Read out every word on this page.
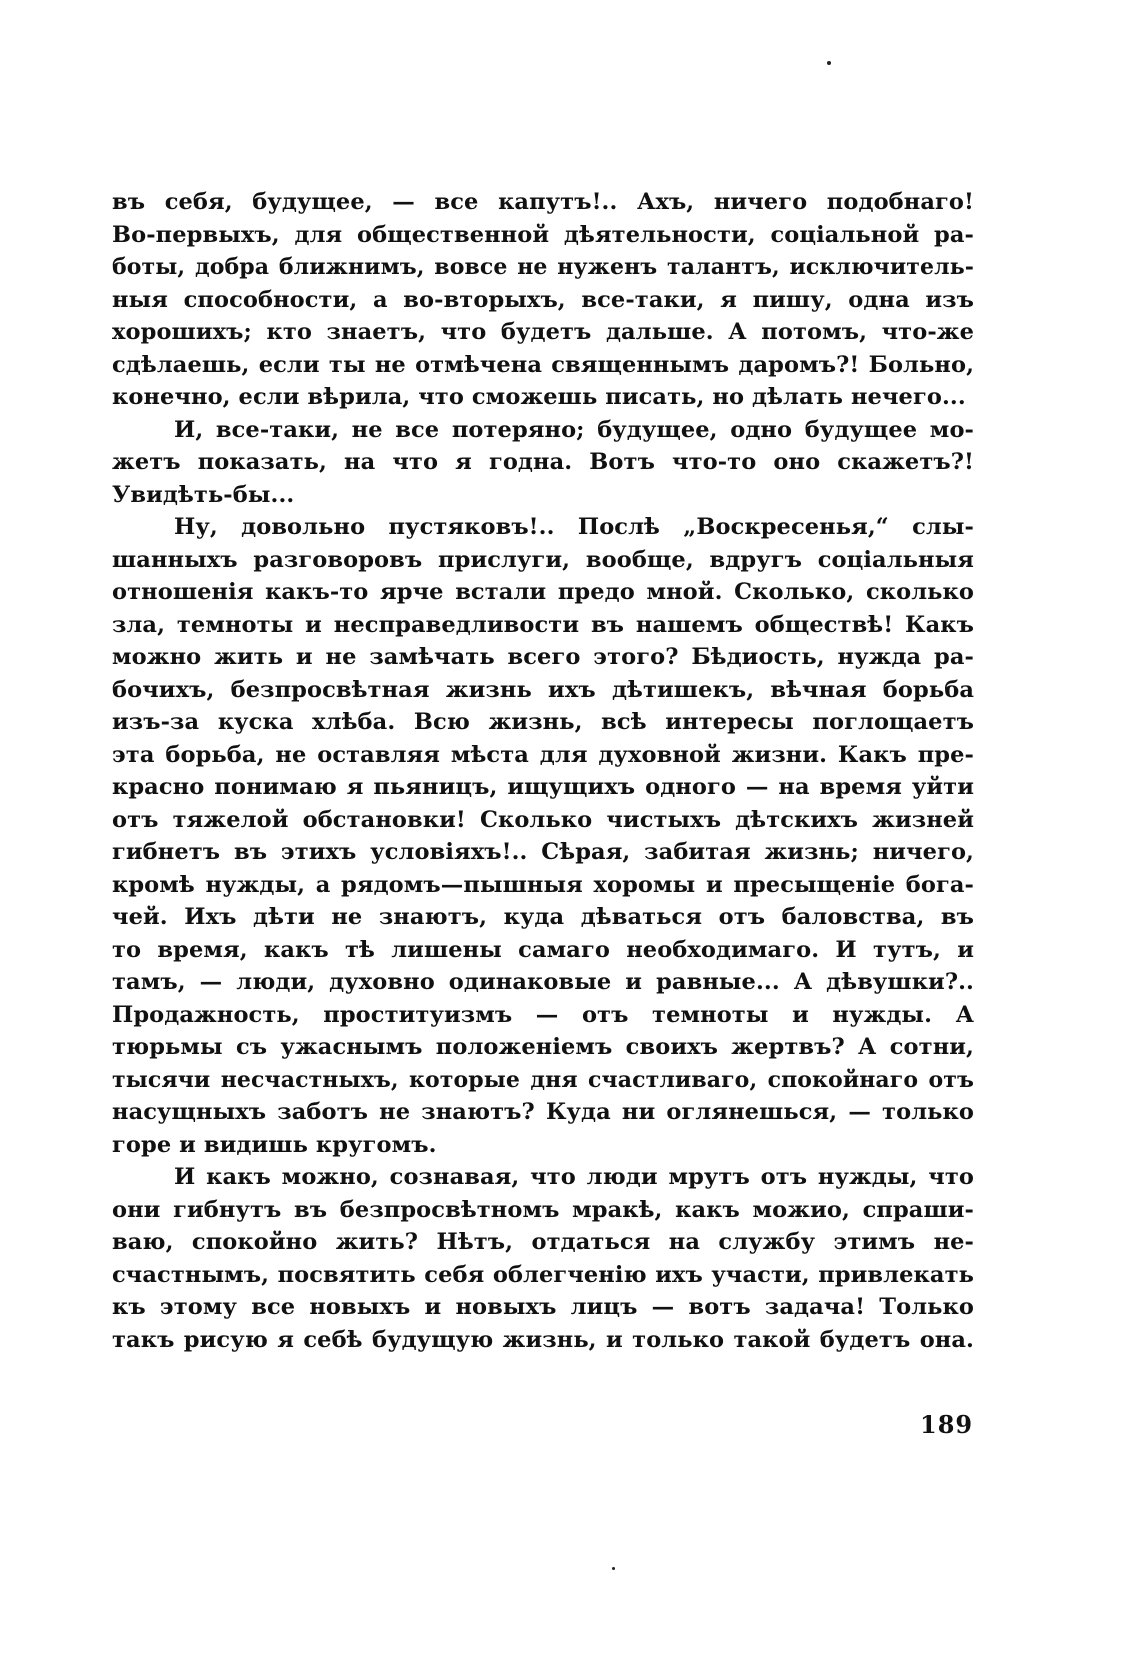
въ себя, будущее, — все капутъ!.. Ахъ, ничего подобнаго!
Во-первыхъ, для общественной дѣятельности, соціальной ра-
боты, добра ближнимъ, вовсе не нуженъ талантъ, исключитель-
ныя способности, а во-вторыхъ, все-таки, я пишу, одна изъ
хорошихъ; кто знаетъ, что будетъ дальше. А потомъ, что-же
сдѣлаешь, если ты не отмѣчена священнымъ даромъ?! Больно,
конечно, если вѣрила, что сможешь писать, но дѣлать нечего...
И, все-таки, не все потеряно; будущее, одно будущее мо-
жетъ показать, на что я годна. Вотъ что-то оно скажетъ?!
Увидѣть-бы...
Ну, довольно пустяковъ!.. Послѣ „Воскресенья,“ слы-
шанныхъ разговоровъ прислуги, вообще, вдругъ соціальныя
отношенія какъ-то ярче встали предо мной. Сколько, сколько
зла, темноты и несправедливости въ нашемъ обществѣ! Какъ
можно жить и не замѣчать всего этого? Бѣдиость, нужда ра-
бочихъ, безпросвѣтная жизнь ихъ дѣтишекъ, вѣчная борьба
изъ-за куска хлѣба. Всю жизнь, всѣ интересы поглощаетъ
эта борьба, не оставляя мѣста для духовной жизни. Какъ пре-
красно понимаю я пьяницъ, ищущихъ одного — на время уйти
отъ тяжелой обстановки! Сколько чистыхъ дѣтскихъ жизней
гибнетъ въ этихъ условіяхъ!.. Сѣрая, забитая жизнь; ничего,
кромѣ нужды, а рядомъ—пышныя хоромы и пресыщеніе бога-
чей. Ихъ дѣти не знаютъ, куда дѣваться отъ баловства, въ
то время, какъ тѣ лишены самаго необходимаго. И тутъ, и
тамъ, — люди, духовно одинаковые и равные... А дѣвушки?..
Продажность, проституизмъ — отъ темноты и нужды. А
тюрьмы съ ужаснымъ положеніемъ своихъ жертвъ? А сотни,
тысячи несчастныхъ, которые дня счастливаго, спокойнаго отъ
насущныхъ заботъ не знаютъ? Куда ни оглянешься, — только
горе и видишь кругомъ.
И какъ можно, сознавая, что люди мрутъ отъ нужды, что
они гибнутъ въ безпросвѣтномъ мракѣ, какъ можио, спраши-
ваю, спокойно жить? Нѣтъ, отдаться на службу этимъ не-
счастнымъ, посвятить себя облегченію ихъ участи, привлекать
къ этому все новыхъ и новыхъ лицъ — вотъ задача! Только
такъ рисую я себѣ будущую жизнь, и только такой будетъ она.
189
